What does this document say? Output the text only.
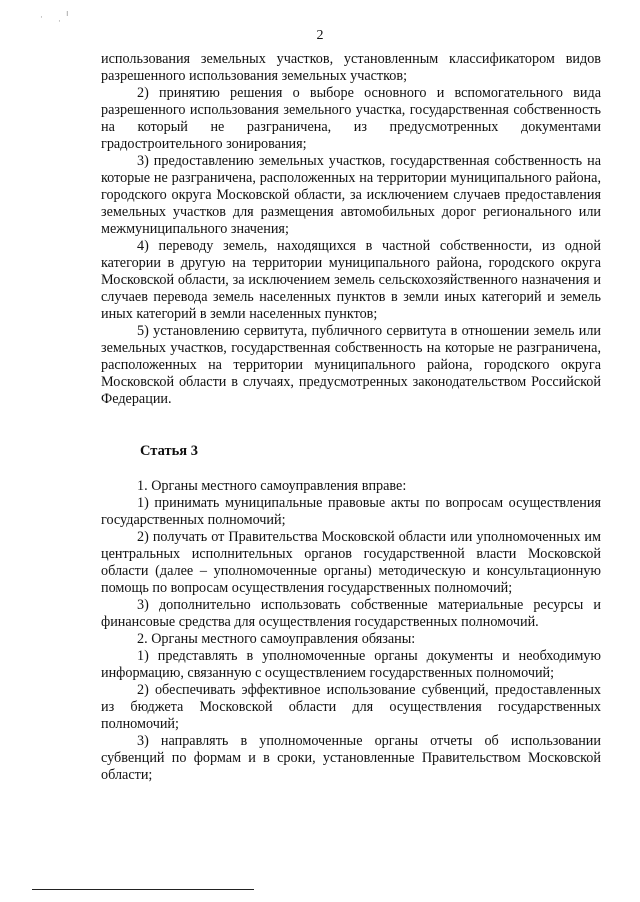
· ·
ı
2

использования земельных участков, установленным классификатором видов разрешенного использования земельных участков;

2) принятию решения о выборе основного и вспомогательного вида разрешенного использования земельного участка, государственная собственность на который не разграничена, из предусмотренных документами градостроительного зонирования;

3) предоставлению земельных участков, государственная собственность на которые не разграничена, расположенных на территории муниципального района, городского округа Московской области, за исключением случаев предоставления земельных участков для размещения автомобильных дорог регионального или межмуниципального значения;

4) переводу земель, находящихся в частной собственности, из одной категории в другую на территории муниципального района, городского округа Московской области, за исключением земель сельскохозяйственного назначения и случаев перевода земель населенных пунктов в земли иных категорий и земель иных категорий в земли населенных пунктов;

5) установлению сервитута, публичного сервитута в отношении земель или земельных участков, государственная собственность на которые не разграничена, расположенных на территории муниципального района, городского округа Московской области в случаях, предусмотренных законодательством Российской Федерации.

Статья 3

1. Органы местного самоуправления вправе:

1) принимать муниципальные правовые акты по вопросам осуществления государственных полномочий;

2) получать от Правительства Московской области или уполномоченных им центральных исполнительных органов государственной власти Московской области (далее – уполномоченные органы) методическую и консультационную помощь по вопросам осуществления государственных полномочий;

3) дополнительно использовать собственные материальные ресурсы и финансовые средства для осуществления государственных полномочий.

2. Органы местного самоуправления обязаны:

1) представлять в уполномоченные органы документы и необходимую информацию, связанную с осуществлением государственных полномочий;

2) обеспечивать эффективное использование субвенций, предоставленных из бюджета Московской области для осуществления государственных полномочий;

3) направлять в уполномоченные органы отчеты об использовании субвенций по формам и в сроки, установленные Правительством Московской области;
